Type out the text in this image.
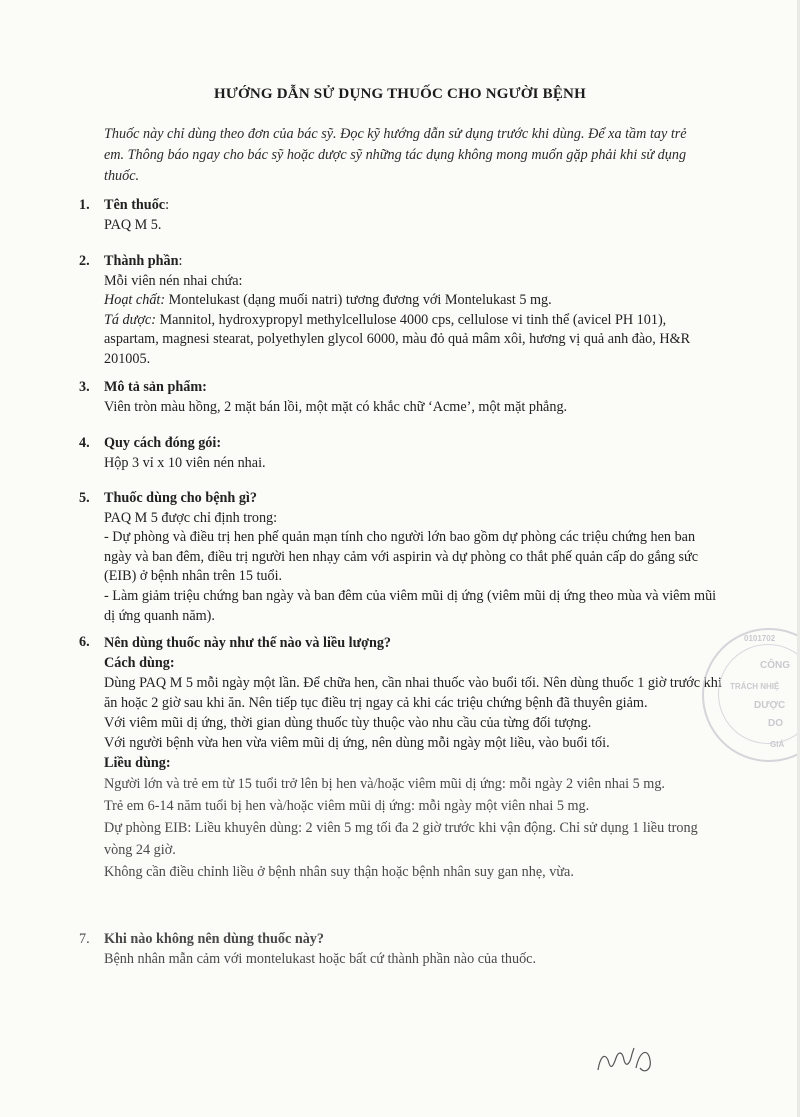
HƯỚNG DẪN SỬ DỤNG THUỐC CHO NGƯỜI BỆNH
Thuốc này chỉ dùng theo đơn của bác sỹ. Đọc kỹ hướng dẫn sử dụng trước khi dùng. Để xa tầm tay trẻ em. Thông báo ngay cho bác sỹ hoặc dược sỹ những tác dụng không mong muốn gặp phải khi sử dụng thuốc.
1. Tên thuốc:
PAQ M 5.
2. Thành phần:
Mỗi viên nén nhai chứa:
Hoạt chất: Montelukast (dạng muối natri) tương đương với Montelukast 5 mg.
Tá dược: Mannitol, hydroxypropyl methylcellulose 4000 cps, cellulose vi tinh thể (avicel PH 101), aspartam, magnesi stearat, polyethylen glycol 6000, màu đỏ quả mâm xôi, hương vị quả anh đào, H&R 201005.
3. Mô tả sản phẩm:
Viên tròn màu hồng, 2 mặt bán lồi, một mặt có khắc chữ ‘Acme’, một mặt phẳng.
4. Quy cách đóng gói:
Hộp 3 vỉ x 10 viên nén nhai.
5. Thuốc dùng cho bệnh gì?
PAQ M 5 được chỉ định trong:
- Dự phòng và điều trị hen phế quản mạn tính cho người lớn bao gồm dự phòng các triệu chứng hen ban ngày và ban đêm, điều trị người hen nhạy cảm với aspirin và dự phòng co thắt phế quản cấp do gắng sức (EIB) ở bệnh nhân trên 15 tuổi.
- Làm giảm triệu chứng ban ngày và ban đêm của viêm mũi dị ứng (viêm mũi dị ứng theo mùa và viêm mũi dị ứng quanh năm).
6. Nên dùng thuốc này như thế nào và liều lượng?
Cách dùng:
Dùng PAQ M 5 mỗi ngày một lần. Để chữa hen, cần nhai thuốc vào buổi tối. Nên dùng thuốc 1 giờ trước khi ăn hoặc 2 giờ sau khi ăn. Nên tiếp tục điều trị ngay cả khi các triệu chứng bệnh đã thuyên giảm.
Với viêm mũi dị ứng, thời gian dùng thuốc tùy thuộc vào nhu cầu của từng đối tượng.
Với người bệnh vừa hen vừa viêm mũi dị ứng, nên dùng mỗi ngày một liều, vào buổi tối.
Liều dùng:
Người lớn và trẻ em từ 15 tuổi trở lên bị hen và/hoặc viêm mũi dị ứng: mỗi ngày 2 viên nhai 5 mg.
Trẻ em 6-14 năm tuổi bị hen và/hoặc viêm mũi dị ứng: mỗi ngày một viên nhai 5 mg.
Dự phòng EIB: Liều khuyên dùng: 2 viên 5 mg tối đa 2 giờ trước khi vận động. Chỉ sử dụng 1 liều trong vòng 24 giờ.
Không cần điều chỉnh liều ở bệnh nhân suy thận hoặc bệnh nhân suy gan nhẹ, vừa.
7. Khi nào không nên dùng thuốc này?
Bệnh nhân mẫn cảm với montelukast hoặc bất cứ thành phần nào của thuốc.
0101702
CÔNG
TRÁCH NHIỆ
DƯỢC
DO
GIÁ
